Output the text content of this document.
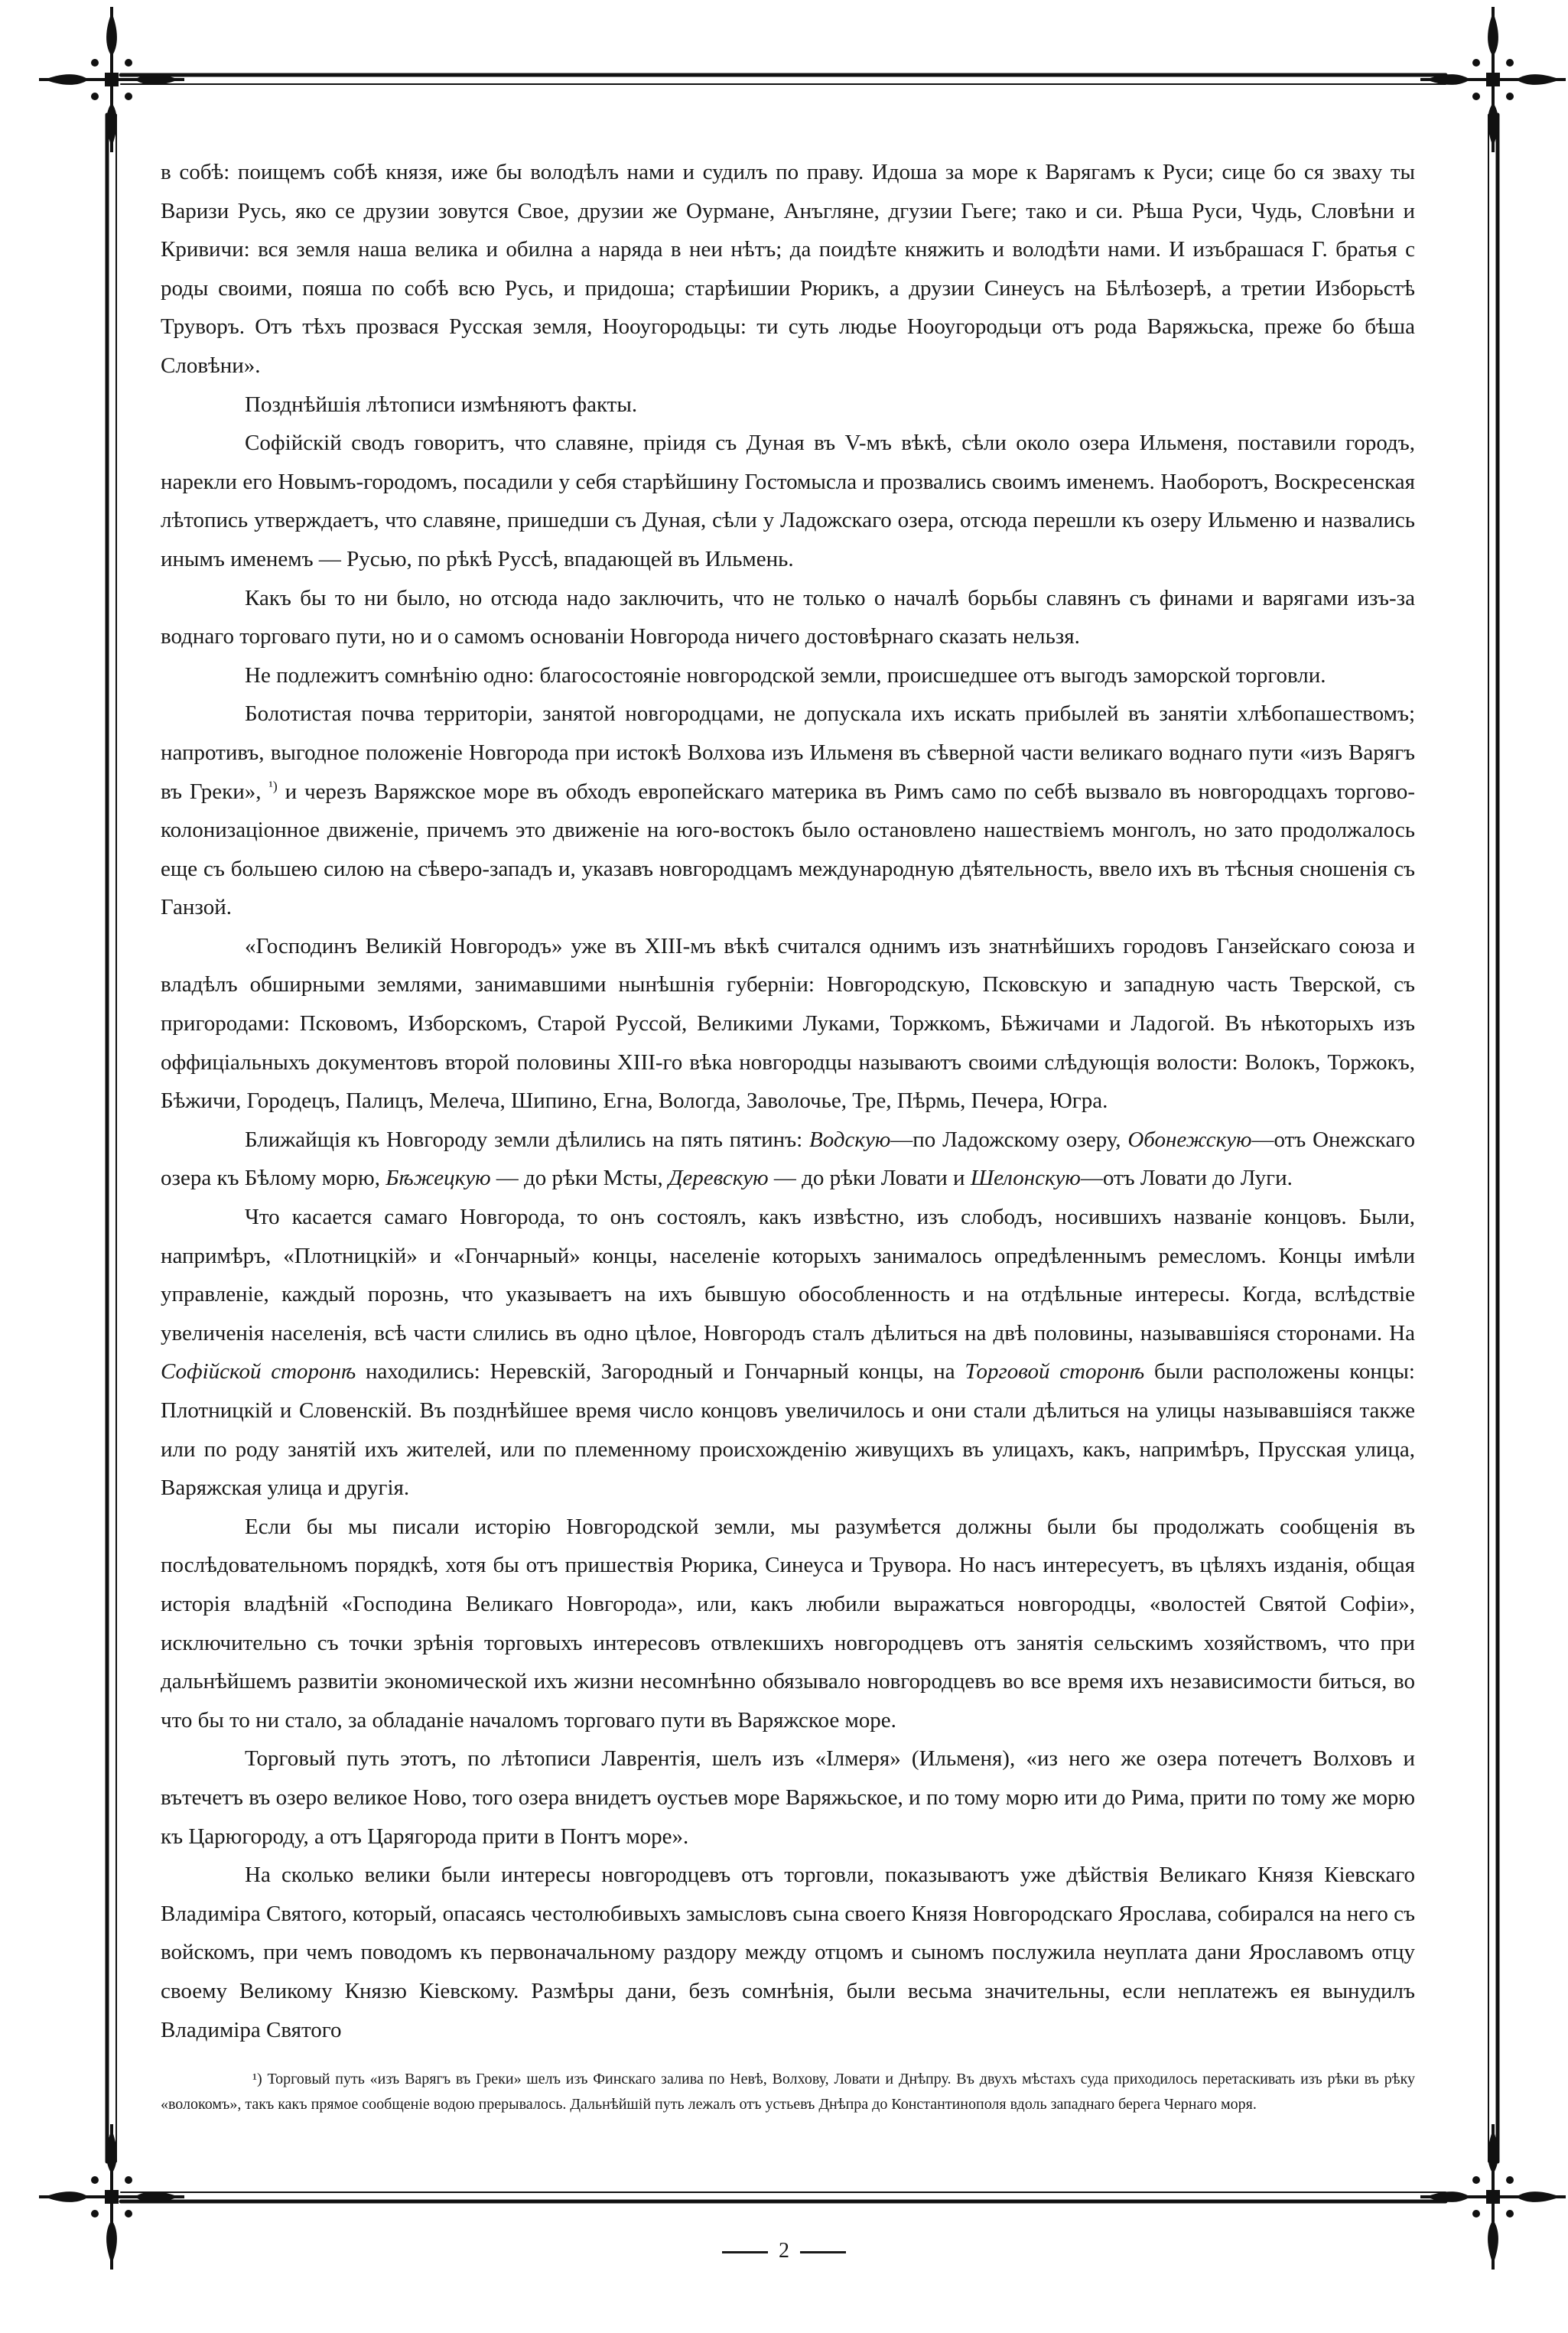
в собѣ: поищемъ собѣ князя, иже бы володѣлъ нами и судилъ по праву. Идоша за море к Варягамъ к Руси; сице бо ся зваху ты Варизи Русь, яко се друзии зовутся Свое, друзии же Оурмане, Анъгляне, дгузии Гьеге; тако и си. Рѣша Руси, Чудь, Словѣни и Кривичи: вся земля наша велика и обилна а наряда в неи нѣтъ; да поидѣте княжить и володѣти нами. И изъбрашася Г. братья с роды своими, пояша по собѣ всю Русь, и придоша; старѣишии Рюрикъ, а друзии Синеусъ на Бѣлѣозерѣ, а третии Изборьстѣ Труворъ. Отъ тѣхъ прозвася Русская земля, Нооугородьцы: ти суть людье Нооугородьци отъ рода Варяжьска, преже бо бѣша Словѣни».

Позднѣйшія лѣтописи измѣняютъ факты.

Софійскій сводъ говоритъ, что славяне, пріидя съ Дуная въ V-мъ вѣкѣ, сѣли около озера Ильменя, поставили городъ, нарекли его Новымъ-городомъ, посадили у себя старѣйшину Гостомысла и прозвались своимъ именемъ. Наоборотъ, Воскресенская лѣтопись утверждаетъ, что славяне, пришедши съ Дуная, сѣли у Ладожскаго озера, отсюда перешли къ озеру Ильменю и назвались инымъ именемъ — Русью, по рѣкѣ Руссѣ, впадающей въ Ильмень.

Какъ бы то ни было, но отсюда надо заключить, что не только о началѣ борьбы славянъ съ финами и варягами изъ-за воднаго торговаго пути, но и о самомъ основаніи Новгорода ничего достовѣрнаго сказать нельзя.

Не подлежитъ сомнѣнію одно: благосостояніе новгородской земли, происшедшее отъ выгодъ заморской торговли.

Болотистая почва территоріи, занятой новгородцами, не допускала ихъ искать прибылей въ занятіи хлѣбопашествомъ; напротивъ, выгодное положеніе Новгорода при истокѣ Волхова изъ Ильменя въ сѣверной части великаго воднаго пути «изъ Варягъ въ Греки», $^{^1)}$ и черезъ Варяжское море въ обходъ европейскаго материка въ Римъ само по себѣ вызвало въ новгородцахъ торгово-колонизаціонное движеніе, причемъ это движеніе на юго-востокъ было остановлено нашествіемъ монголъ, но зато продолжалось еще съ большею силою на сѣверо-западъ и, указавъ новгородцамъ международную дѣятельность, ввело ихъ въ тѣсныя сношенія съ Ганзой.

«Господинъ Великій Новгородъ» уже въ XIII-мъ вѣкѣ считался однимъ изъ знатнѣйшихъ городовъ Ганзейскаго союза и владѣлъ обширными землями, занимавшими нынѣшнія губерніи: Новгородскую, Псковскую и западную часть Тверской, съ пригородами: Псковомъ, Изборскомъ, Старой Руссой, Великими Луками, Торжкомъ, Бѣжичами и Ладогой. Въ нѣкоторыхъ изъ оффиціальныхъ документовъ второй половины XIII-го вѣка новгородцы называютъ своими слѣдующія волости: Волокъ, Торжокъ, Бѣжичи, Городецъ, Палицъ, Мелеча, Шипино, Егна, Вологда, Заволочье, Тре, Пѣрмь, Печера, Югра.

Ближайщія къ Новгороду земли дѣлились на пять пятинъ: Водскую—по Ладожскому озеру, Обонежскую—отъ Онежскаго озера къ Бѣлому морю, Бѣжецкую — до рѣки Мсты, Деревскую — до рѣки Ловати и Шелонскую—отъ Ловати до Луги.

Что касается самаго Новгорода, то онъ состоялъ, какъ извѣстно, изъ слободъ, носившихъ названіе концовъ. Были, напримѣръ, «Плотницкій» и «Гончарный» концы, населеніе которыхъ занималось опредѣленнымъ ремесломъ. Концы имѣли управленіе, каждый порознь, что указываетъ на ихъ бывшую обособленность и на отдѣльные интересы. Когда, вслѣдствіе увеличенія населенія, всѣ части слились въ одно цѣлое, Новгородъ сталъ дѣлиться на двѣ половины, называвшіяся сторонами. На Софійской сторонѣ находились: Неревскій, Загородный и Гончарный концы, на Торговой сторонѣ были расположены концы: Плотницкій и Словенскій. Въ позднѣйшее время число концовъ увеличилось и они стали дѣлиться на улицы называвшіяся также или по роду занятій ихъ жителей, или по племенному происхожденію живущихъ въ улицахъ, какъ, напримѣръ, Прусская улица, Варяжская улица и другія.

Если бы мы писали исторію Новгородской земли, мы разумѣется должны были бы продолжать сообщенія въ послѣдовательномъ порядкѣ, хотя бы отъ пришествія Рюрика, Синеуса и Трувора. Но насъ интересуетъ, въ цѣляхъ изданія, общая исторія владѣній «Господина Великаго Новгорода», или, какъ любили выражаться новгородцы, «волостей Святой Софіи», исключительно съ точки зрѣнія торговыхъ интересовъ отвлекшихъ новгородцевъ отъ занятія сельскимъ хозяйствомъ, что при дальнѣйшемъ развитіи экономической ихъ жизни несомнѣнно обязывало новгородцевъ во все время ихъ независимости биться, во что бы то ни стало, за обладаніе началомъ торговаго пути въ Варяжское море.

Торговый путь этотъ, по лѣтописи Лаврентія, шелъ изъ «Ілмеря» (Ильменя), «из него же озера потечетъ Волховъ и вътечетъ въ озеро великое Ново, того озера внидетъ оустьев море Варяжьское, и по тому морю ити до Рима, прити по тому же морю къ Царюгороду, а отъ Царягорода прити в Понтъ море».

На сколько велики были интересы новгородцевъ отъ торговли, показываютъ уже дѣйствія Великаго Князя Кіевскаго Владиміра Святого, который, опасаясь честолюбивыхъ замысловъ сына своего Князя Новгородскаго Ярослава, собирался на него съ войскомъ, при чемъ поводомъ къ первоначальному раздору между отцомъ и сыномъ послужила неуплата дани Ярославомъ отцу своему Великому Князю Кіевскому. Размѣры дани, безъ сомнѣнія, были весьма значительны, если неплатежъ ея вынудилъ Владиміра Святого

¹) Торговый путь «изъ Варягъ въ Греки» шелъ изъ Финскаго залива по Невѣ, Волхову, Ловати и Днѣпру. Въ двухъ мѣстахъ суда приходилось перетаскивать изъ рѣки въ рѣку «волокомъ», такъ какъ прямое сообщеніе водою прерывалось. Дальнѣйшій путь лежалъ отъ устьевъ Днѣпра до Константинополя вдоль западнаго берега Чернаго моря.

2
